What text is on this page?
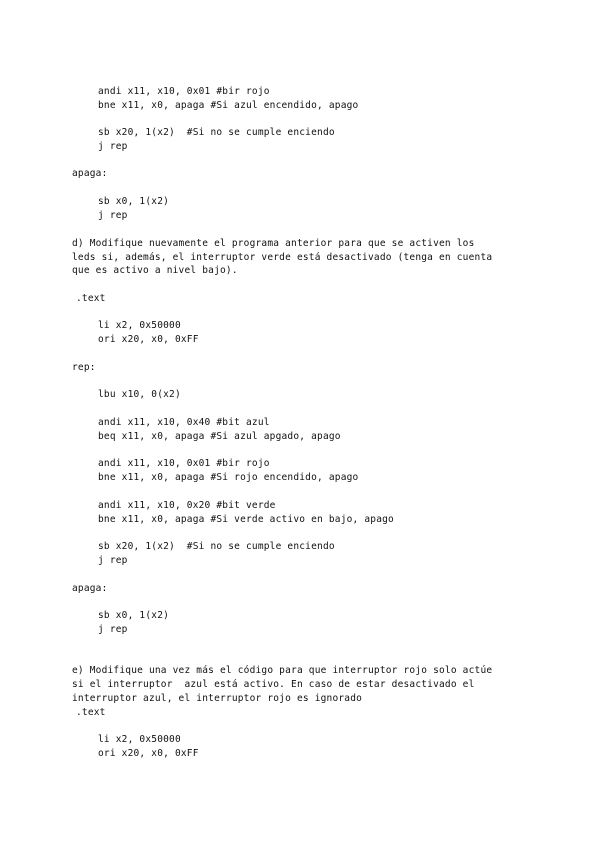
andi x11, x10, 0x01 #bir rojo
bne x11, x0, apaga #Si azul encendido, apago
sb x20, 1(x2)  #Si no se cumple enciendo
j rep
apaga:
sb x0, 1(x2)
j rep
d) Modifique nuevamente el programa anterior para que se activen los
leds si, además, el interruptor verde está desactivado (tenga en cuenta
que es activo a nivel bajo).
.text
li x2, 0x50000
ori x20, x0, 0xFF
rep:
lbu x10, 0(x2)
andi x11, x10, 0x40 #bit azul
beq x11, x0, apaga #Si azul apgado, apago
andi x11, x10, 0x01 #bir rojo
bne x11, x0, apaga #Si rojo encendido, apago
andi x11, x10, 0x20 #bit verde
bne x11, x0, apaga #Si verde activo en bajo, apago
sb x20, 1(x2)  #Si no se cumple enciendo
j rep
apaga:
sb x0, 1(x2)
j rep
e) Modifique una vez más el código para que interruptor rojo solo actúe
si el interruptor  azul está activo. En caso de estar desactivado el
interruptor azul, el interruptor rojo es ignorado
.text
li x2, 0x50000
ori x20, x0, 0xFF
